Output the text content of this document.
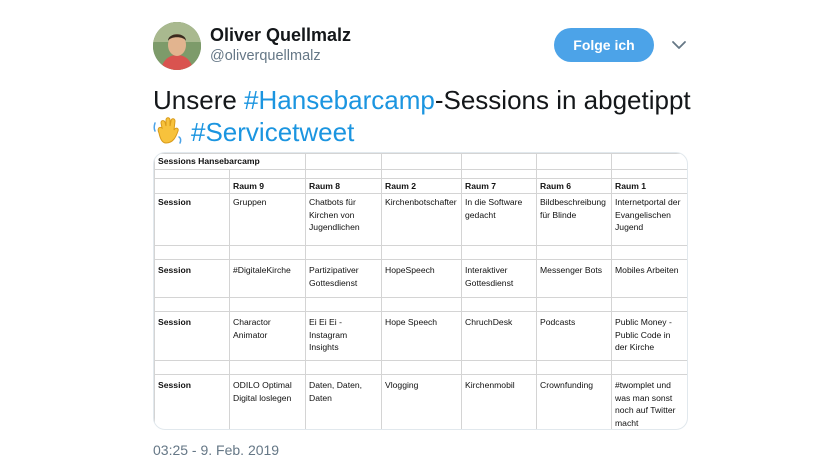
Oliver Quellmalz
@oliverquellmalz
Folge ich
Unsere #Hansebarcamp-Sessions in abgetippt
#Servicetweet
Sessions Hansebarcamp						

	Raum 9	Raum 8	Raum 2	Raum 7	Raum 6	Raum 1
Session	Gruppen	Chatbots für Kirchen von Jugendlichen	Kirchenbotschafter	In die Software gedacht	Bildbeschreibung für Blinde	Internetportal der Evangelischen Jugend

Session	#DigitaleKirche	Partizipativer Gottesdienst	HopeSpeech	Interaktiver Gottesdienst	Messenger Bots	Mobiles Arbeiten

Session	Charactor Animator	Ei Ei Ei - Instagram Insights	Hope Speech	ChruchDesk	Podcasts	Public Money - Public Code in der Kirche

Session	ODILO Optimal Digital loslegen	Daten, Daten, Daten	Vlogging	Kirchenmobil	Crownfunding	#twomplet und was man sonst noch auf Twitter macht
03:25 - 9. Feb. 2019
